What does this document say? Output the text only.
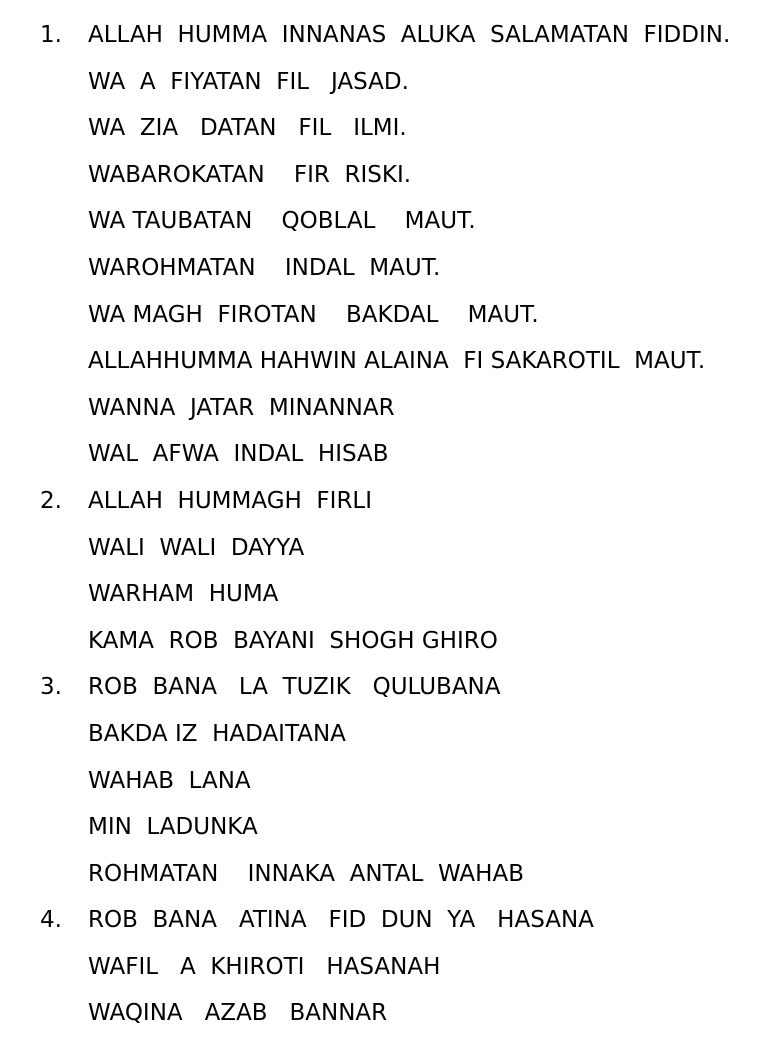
1. ALLAH  HUMMA  INNANAS  ALUKA  SALAMATAN  FIDDIN.
WA  A  FIYATAN  FIL   JASAD.
WA  ZIA   DATAN   FIL   ILMI.
WABAROKATAN    FIR  RISKI.
WA TAUBATAN    QOBLAL    MAUT.
WAROHMATAN    INDAL  MAUT.
WA MAGH  FIROTAN    BAKDAL    MAUT.
ALLAHHUMMA HAHWIN ALAINA  FI SAKAROTIL  MAUT.
WANNA  JATAR  MINANNAR
WAL  AFWA  INDAL  HISAB
2. ALLAH  HUMMAGH  FIRLI
WALI  WALI  DAYYA
WARHAM  HUMA
KAMA  ROB  BAYANI  SHOGH GHIRO
3. ROB  BANA   LA  TUZIK   QULUBANA
BAKDA IZ  HADAITANA
WAHAB  LANA
MIN  LADUNKA
ROHMATAN    INNAKA  ANTAL  WAHAB
4. ROB  BANA   ATINA   FID  DUN  YA   HASANA
WAFIL   A  KHIROTI   HASANAH
WAQINA   AZAB   BANNAR
